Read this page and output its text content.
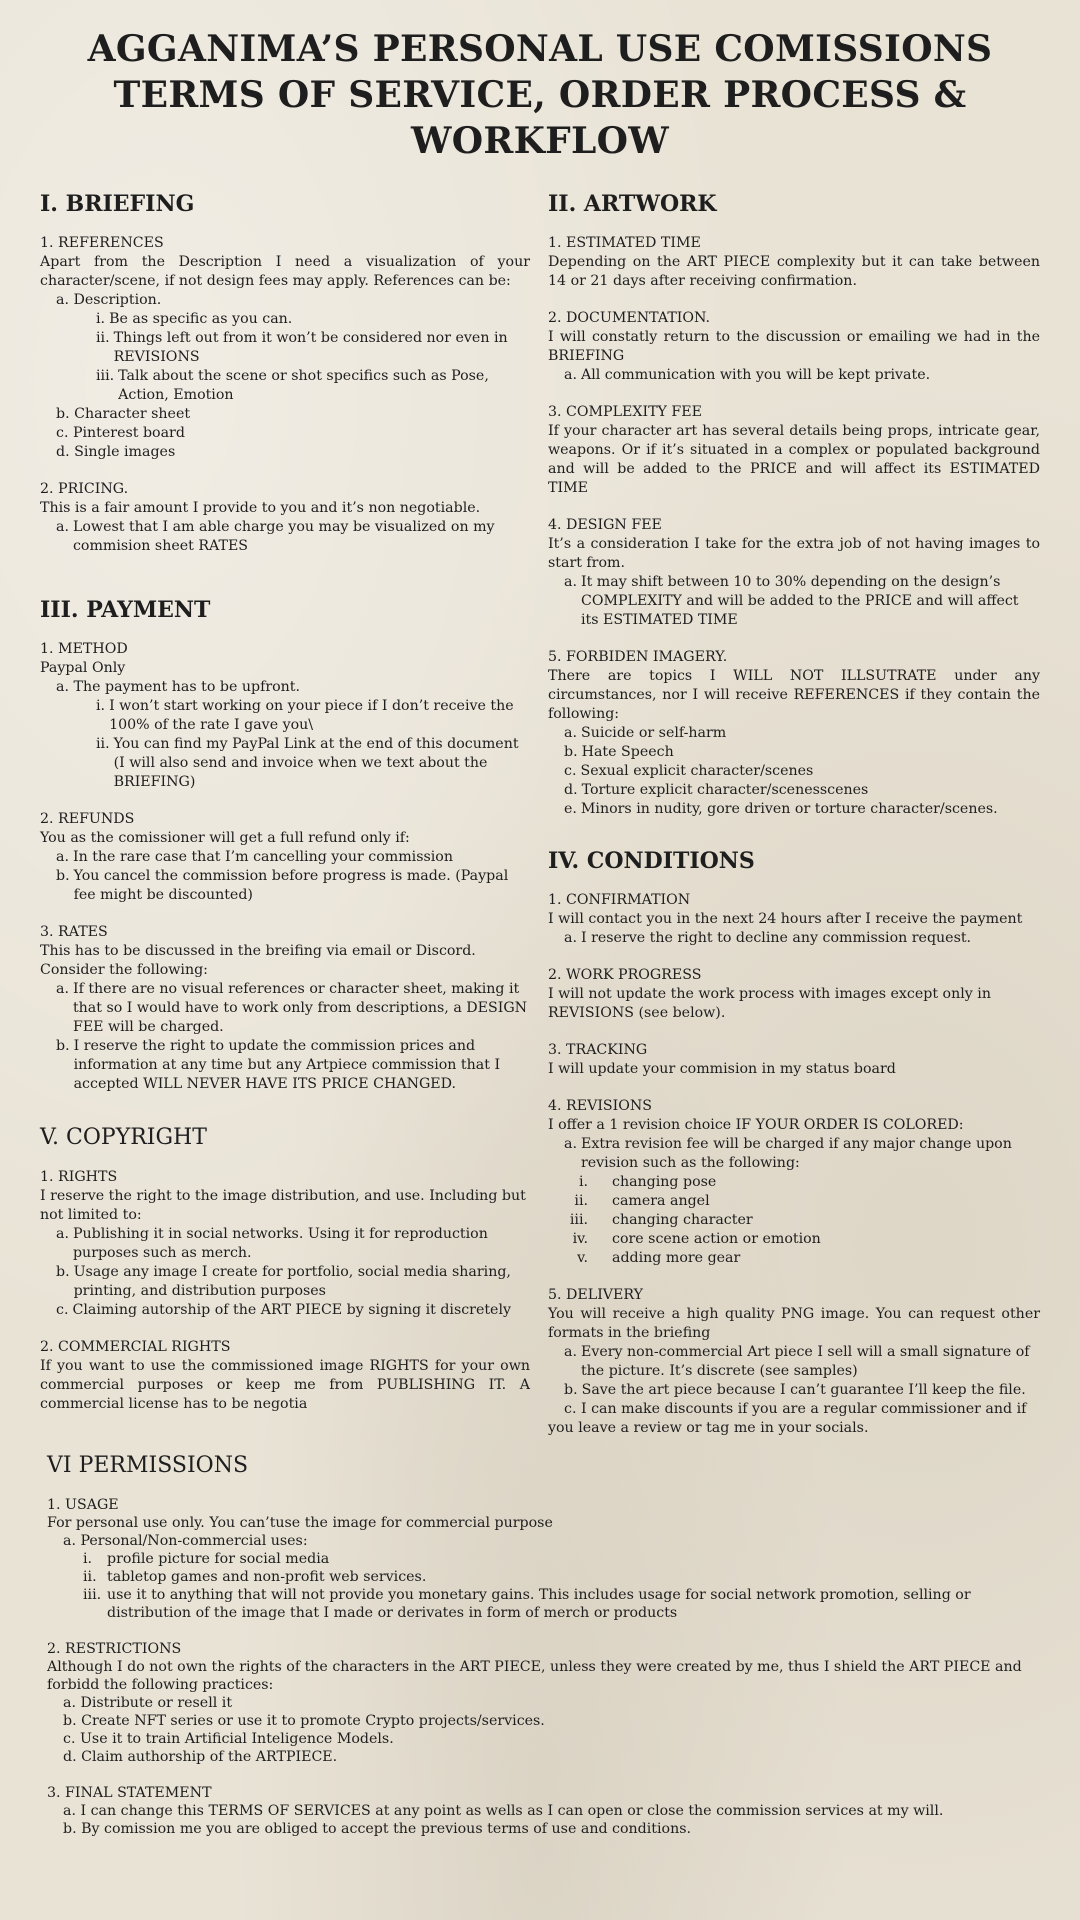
AGGANIMA’S PERSONAL USE COMISSIONS
TERMS OF SERVICE, ORDER PROCESS &
WORKFLOW
I. BRIEFING
1. REFERENCES
Apart from the Description I need a visualization of your character/scene, if not design fees may apply. References can be:
a. Description.
i. Be as specific as you can.
ii. Things left out from it won’t be considered nor even in REVISIONS
iii. Talk about the scene or shot specifics such as Pose, Action, Emotion
b. Character sheet
c. Pinterest board
d. Single images
2. PRICING.
This is a fair amount I provide to you and it’s non negotiable.
a. Lowest that I am able charge you may be visualized on my commision sheet RATES
III. PAYMENT
1. METHOD
Paypal Only
a. The payment has to be upfront.
i. I won’t start working on your piece if I don’t receive the 100% of the rate I gave you\
ii. You can find my PayPal Link at the end of this document (I will also send and invoice when we text about the BRIEFING)
2. REFUNDS
You as the comissioner will get a full refund only if:
a. In the rare case that I’m cancelling your commission
b. You cancel the commission before progress is made. (Paypal fee might be discounted)
3. RATES
This has to be discussed in the breifing via email or Discord. Consider the following:
a. If there are no visual references or character sheet, making it that so I would have to work only from descriptions, a DESIGN FEE will be charged.
b. I reserve the right to update the commission prices and information at any time but any Artpiece commission that I accepted WILL NEVER HAVE ITS PRICE CHANGED.
V. COPYRIGHT
1. RIGHTS
I reserve the right to the image distribution, and use. Including but not limited to:
a. Publishing it in social networks. Using it for reproduction purposes such as merch.
b. Usage any image I create for portfolio, social media sharing, printing, and distribution purposes
c. Claiming autorship of the ART PIECE by signing it discretely
2. COMMERCIAL RIGHTS
If you want to use the commissioned image RIGHTS for your own commercial purposes or keep me from PUBLISHING IT. A commercial license has to be negotia
II. ARTWORK
1. ESTIMATED TIME
Depending on the ART PIECE complexity but it can take between 14 or 21 days after receiving confirmation.
2. DOCUMENTATION.
I will constatly return to the discussion or emailing we had in the BRIEFING
a. All communication with you will be kept private.
3. COMPLEXITY FEE
If your character art has several details being props, intricate gear, weapons. Or if it’s situated in a complex or populated background and will be added to the PRICE and will affect its ESTIMATED TIME
4. DESIGN FEE
It’s a consideration I take for the extra job of not having images to start from.
a. It may shift between 10 to 30% depending on the design’s COMPLEXITY and will be added to the PRICE and will affect its ESTIMATED TIME
5. FORBIDEN IMAGERY.
There are topics I WILL NOT ILLSUTRATE under any circumstances, nor I will receive REFERENCES if they contain the following:
a. Suicide or self-harm
b. Hate Speech
c. Sexual explicit character/scenes
d. Torture explicit character/scenesscenes
e. Minors in nudity, gore driven or torture character/scenes.
IV. CONDITIONS
1. CONFIRMATION
I will contact you in the next 24 hours after I receive the payment
a. I reserve the right to decline any commission request.
2. WORK PROGRESS
I will not update the work process with images except only in REVISIONS (see below).
3. TRACKING
I will update your commision in my status board
4. REVISIONS
I offer a 1 revision choice IF YOUR ORDER IS COLORED:
a. Extra revision fee will be charged if any major change upon revision such as the following:
i. changing pose
ii. camera angel
iii. changing character
iv. core scene action or emotion
v. adding more gear
5. DELIVERY
You will receive a high quality PNG image. You can request other formats in the briefing
a. Every non-commercial Art piece I sell will a small signature of the picture. It’s discrete (see samples)
b. Save the art piece because I can’t guarantee I’ll keep the file.
c. I can make discounts if you are a regular commissioner and if you leave a review or tag me in your socials.
VI PERMISSIONS
1. USAGE
For personal use only. You can’tuse the image for commercial purpose
a. Personal/Non-commercial uses:
i.	profile picture for social media
ii. tabletop games and non-profit web services.
iii. use it to anything that will not provide you monetary gains. This includes usage for social network promotion, selling or distribution of the image that I made or derivates in form of merch or products
2. RESTRICTIONS
Although I do not own the rights of the characters in the ART PIECE, unless they were created by me, thus I shield the ART PIECE and forbidd the following practices:
a. Distribute or resell it
b. Create NFT series or use it to promote Crypto projects/services.
c. Use it to train Artificial Inteligence Models.
d. Claim authorship of the ARTPIECE.
3. FINAL STATEMENT
a. I can change this TERMS OF SERVICES at any point as wells as I can open or close the commission services at my will.
b. By comission me you are obliged to accept the previous terms of use and conditions.
